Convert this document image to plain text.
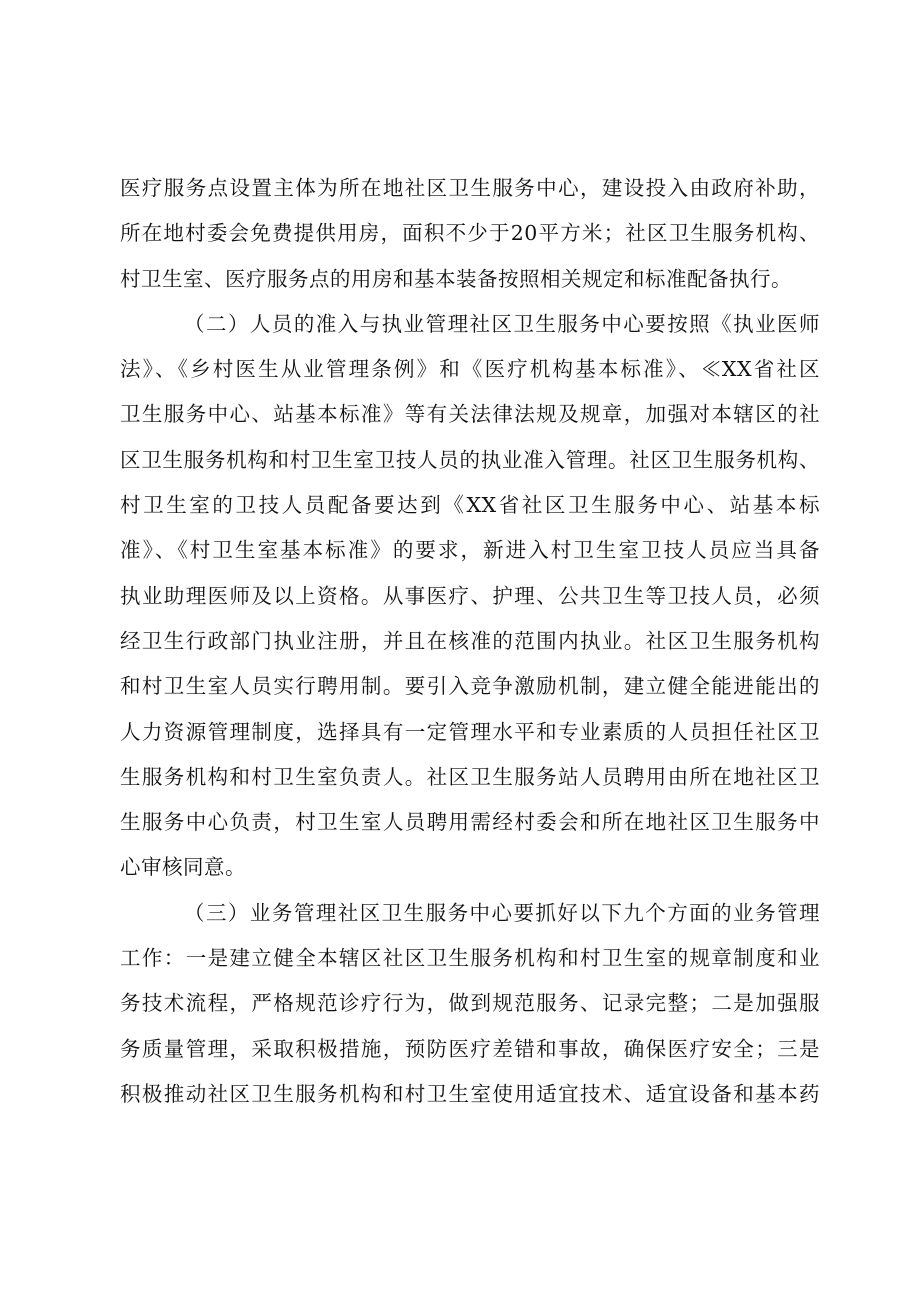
医疗服务点设置主体为所在地社区卫生服务中心，建设投入由政府补助，
所在地村委会免费提供用房，面积不少于20平方米；社区卫生服务机构、
村卫生室、医疗服务点的用房和基本装备按照相关规定和标准配备执行。
（二）人员的准入与执业管理社区卫生服务中心要按照《执业医师
法》、《乡村医生从业管理条例》和《医疗机构基本标准》、≪XX省社区
卫生服务中心、站基本标准》等有关法律法规及规章，加强对本辖区的社
区卫生服务机构和村卫生室卫技人员的执业准入管理。社区卫生服务机构、
村卫生室的卫技人员配备要达到《XX省社区卫生服务中心、站基本标
准》、《村卫生室基本标准》的要求，新进入村卫生室卫技人员应当具备
执业助理医师及以上资格。从事医疗、护理、公共卫生等卫技人员，必须
经卫生行政部门执业注册，并且在核准的范围内执业。社区卫生服务机构
和村卫生室人员实行聘用制。要引入竞争激励机制，建立健全能进能出的
人力资源管理制度，选择具有一定管理水平和专业素质的人员担任社区卫
生服务机构和村卫生室负责人。社区卫生服务站人员聘用由所在地社区卫
生服务中心负责，村卫生室人员聘用需经村委会和所在地社区卫生服务中
心审核同意。
（三）业务管理社区卫生服务中心要抓好以下九个方面的业务管理
工作：一是建立健全本辖区社区卫生服务机构和村卫生室的规章制度和业
务技术流程，严格规范诊疗行为，做到规范服务、记录完整；二是加强服
务质量管理，采取积极措施，预防医疗差错和事故，确保医疗安全；三是
积极推动社区卫生服务机构和村卫生室使用适宜技术、适宜设备和基本药
